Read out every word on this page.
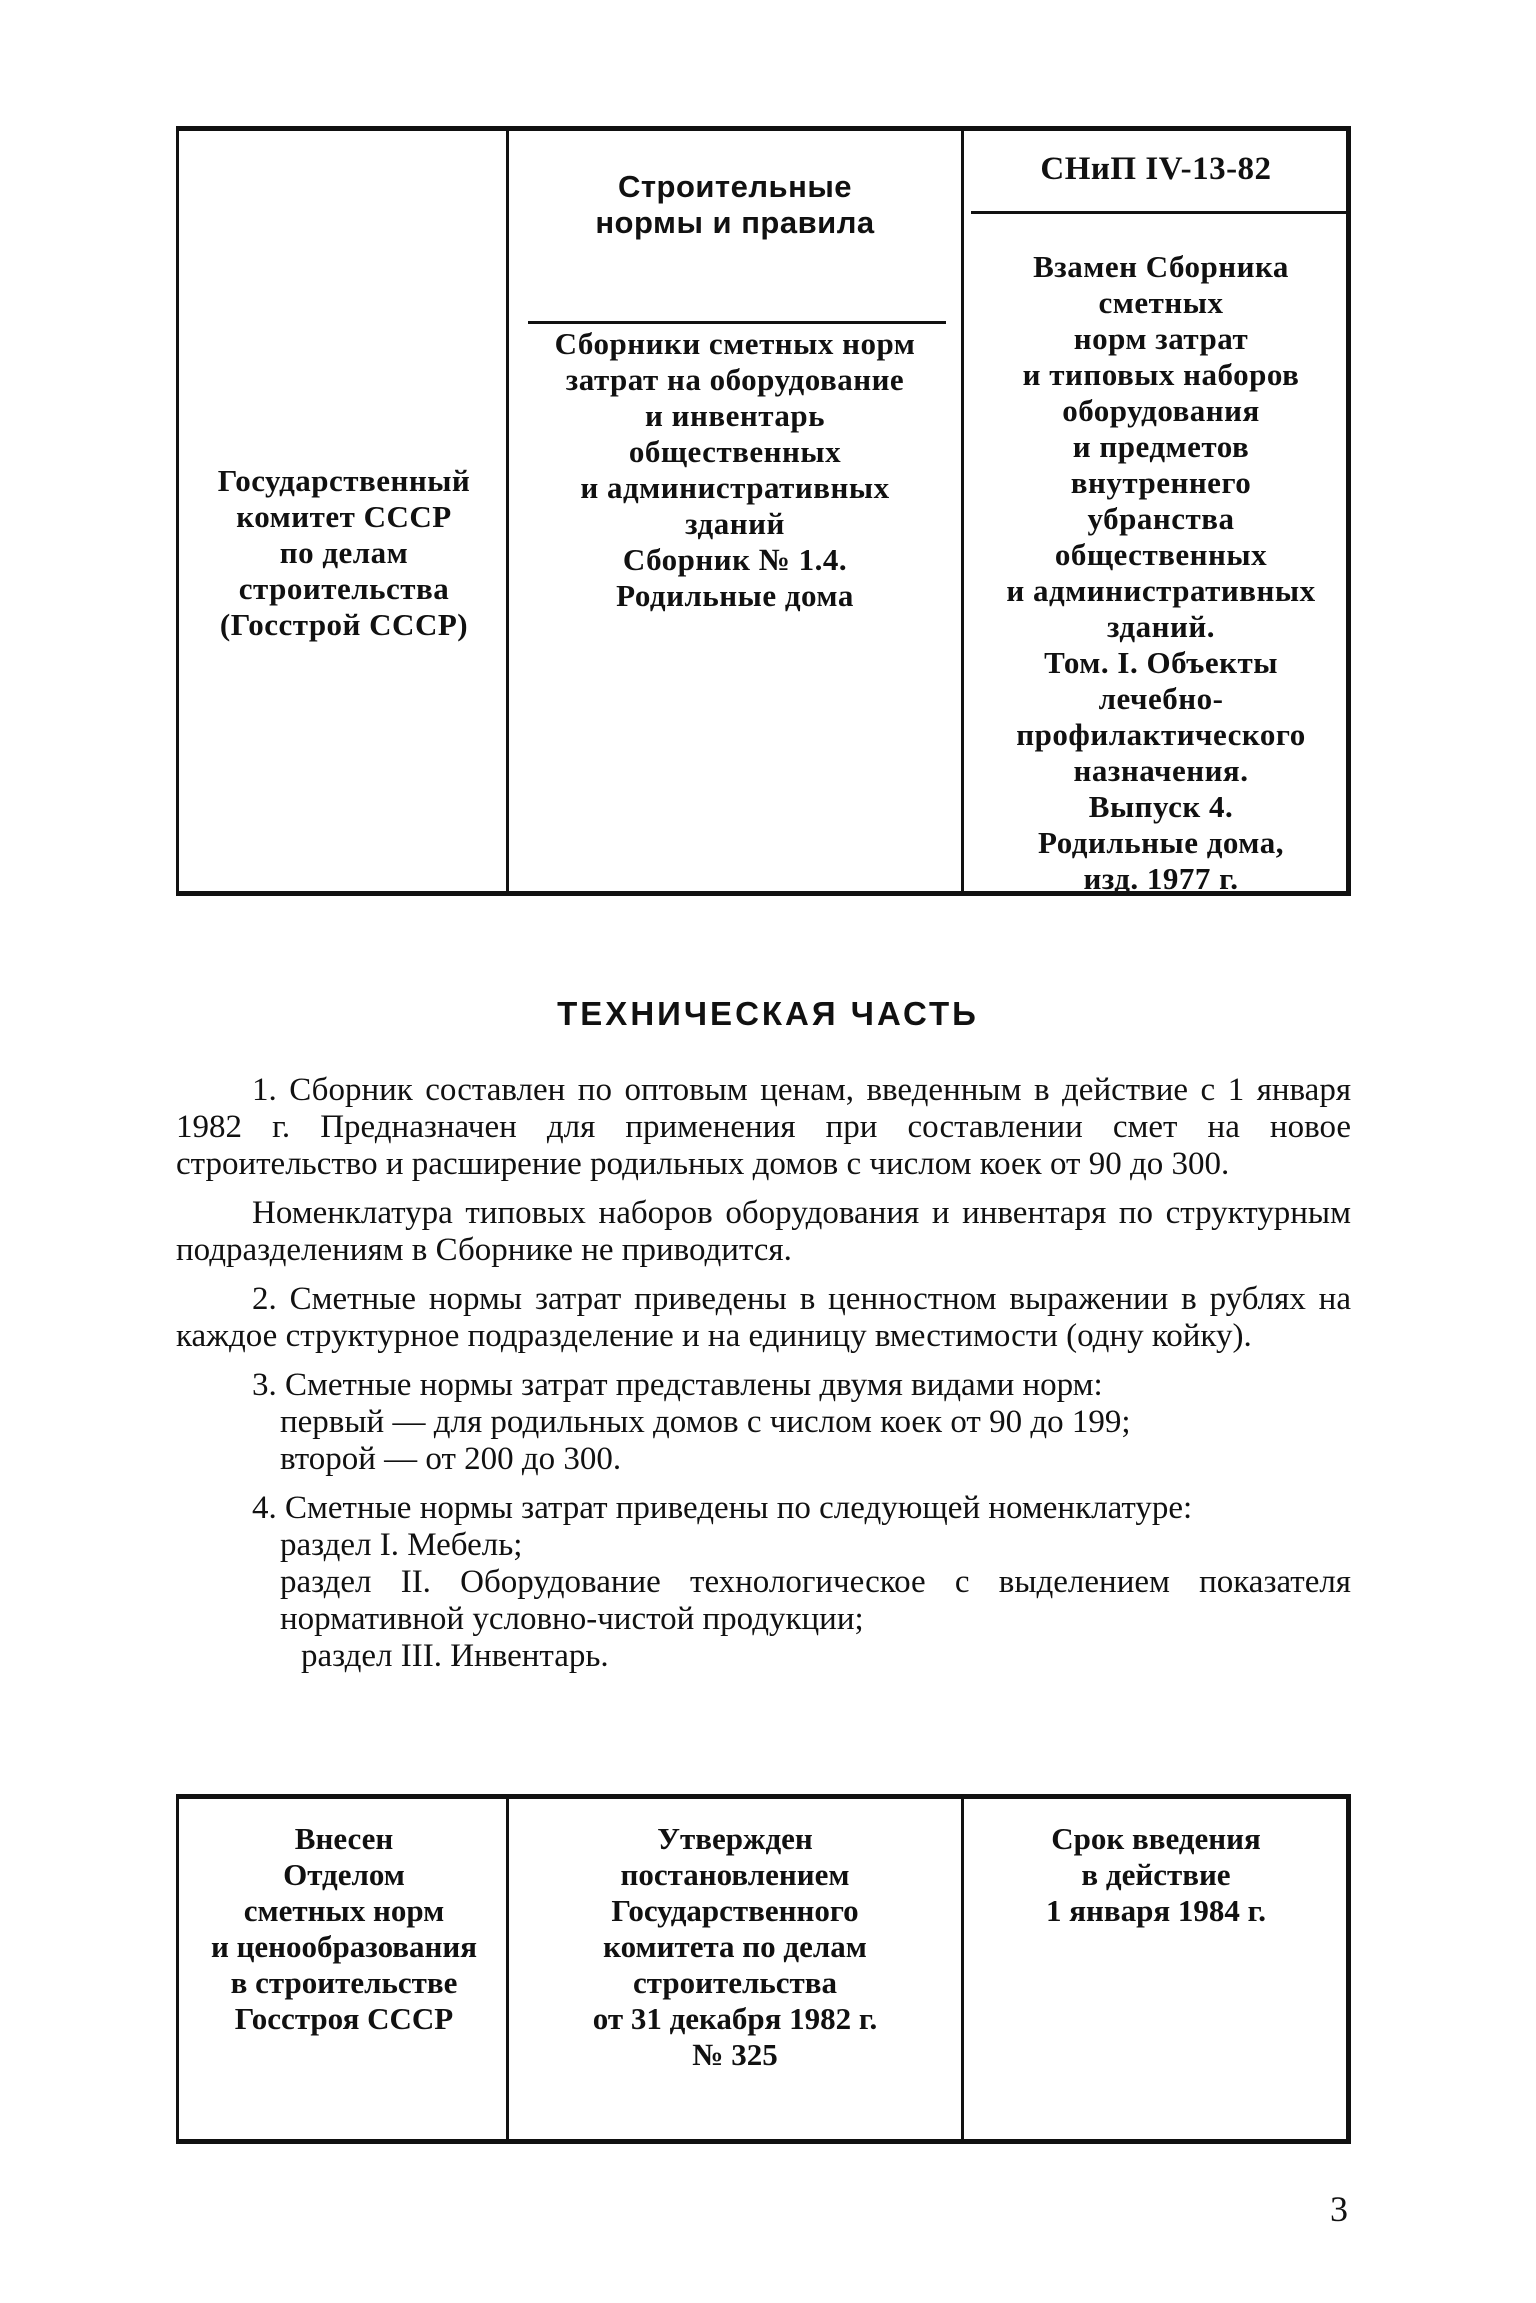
Государственный
комитет СССР
по делам
строительства
(Госстрой СССР)
Строительные
нормы и правила
Сборники сметных норм
затрат на оборудование
и инвентарь
общественных
и административных
зданий
Сборник № 1.4.
Родильные дома
СНиП IV-13-82
Взамен Сборника
сметных
норм затрат
и типовых наборов
оборудования
и предметов
внутреннего
убранства
общественных
и административных
зданий.
Том. I. Объекты
лечебно-
профилактического
назначения.
Выпуск 4.
Родильные дома,
изд. 1977 г.
ТЕХНИЧЕСКАЯ ЧАСТЬ

1. Сборник составлен по оптовым ценам, введенным в действие с 1 января 1982 г. Предназначен для применения при составлении смет на новое строительство и расширение родильных домов с числом коек от 90 до 300.

Номенклатура типовых наборов оборудования и инвентаря по структурным подразделениям в Сборнике не приводится.

2. Сметные нормы затрат приведены в ценностном выражении в рублях на каждое структурное подразделение и на единицу вместимости (одну койку).

3. Сметные нормы затрат представлены двумя видами норм:

первый — для родильных домов с числом коек от 90 до 199;

второй — от 200 до 300.

4. Сметные нормы затрат приведены по следующей номенклатуре:

раздел I. Мебель;

раздел II. Оборудование технологическое с выделением показателя нормативной условно-чистой продукции;

раздел III. Инвентарь.

Внесен
Отделом
сметных норм
и ценообразования
в строительстве
Госстроя СССР
Утвержден
постановлением
Государственного
комитета по делам
строительства
от 31 декабря 1982 г.
№ 325
Срок введения
в действие
1 января 1984 г.
3
